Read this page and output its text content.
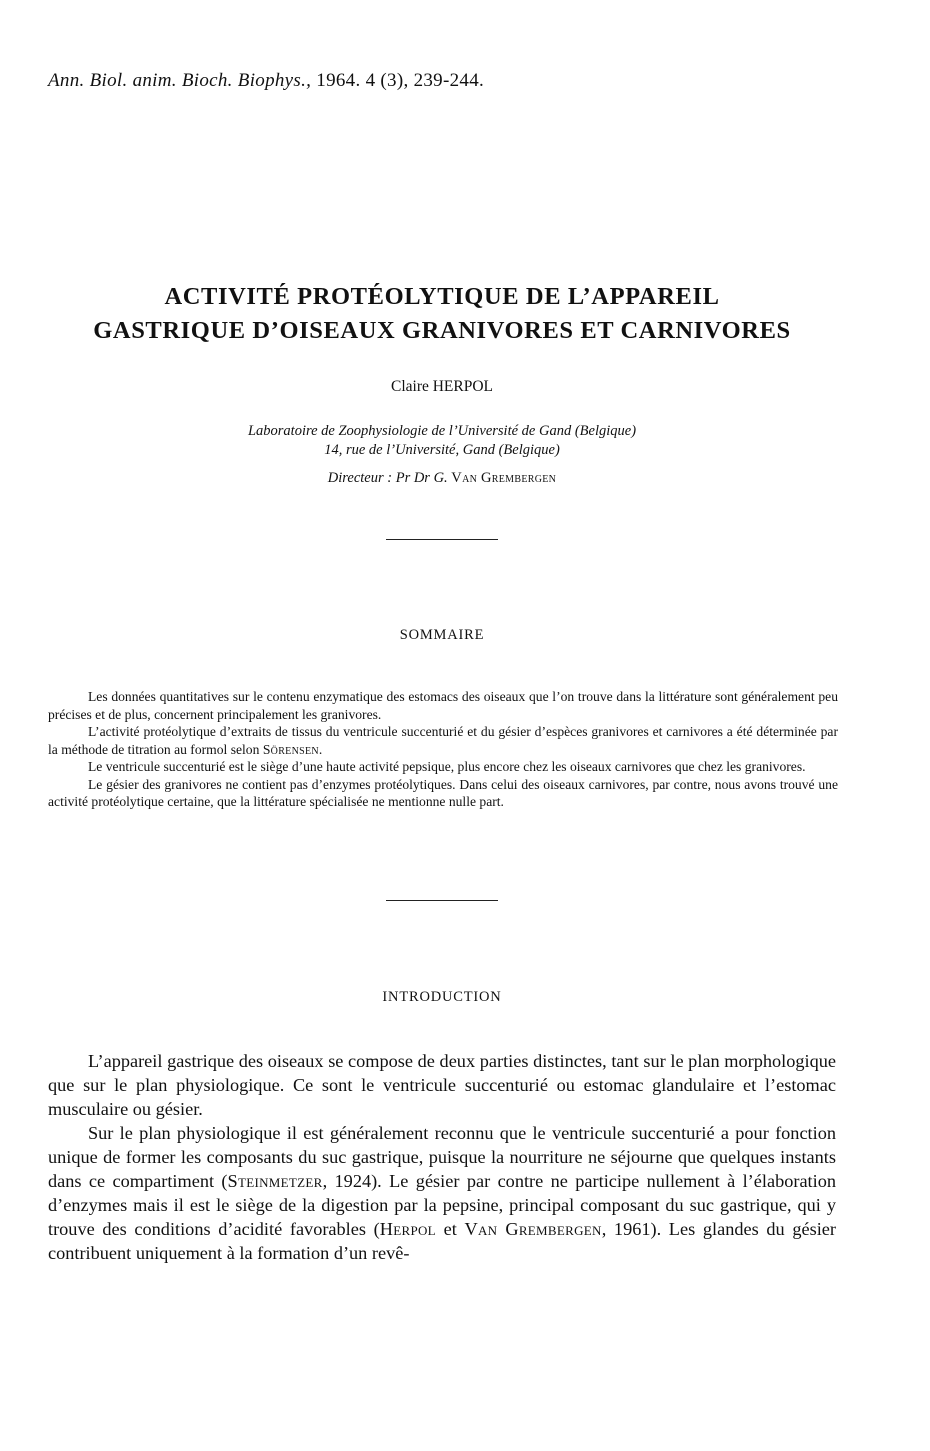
Ann. Biol. anim. Bioch. Biophys., 1964. 4 (3), 239-244.
ACTIVITÉ PROTÉOLYTIQUE DE L’APPAREIL
GASTRIQUE D’OISEAUX GRANIVORES ET CARNIVORES
Claire HERPOL
Laboratoire de Zoophysiologie de l’Université de Gand (Belgique)
14, rue de l’Université, Gand (Belgique)
Directeur : Pr Dr G. Van Grembergen
SOMMAIRE

Les données quantitatives sur le contenu enzymatique des estomacs des oiseaux que l’on trouve dans la littérature sont généralement peu précises et de plus, concernent principalement les granivores.

L’activité protéolytique d’extraits de tissus du ventricule succenturié et du gésier d’espèces granivores et carnivores a été déterminée par la méthode de titration au formol selon Sörensen.

Le ventricule succenturié est le siège d’une haute activité pepsique, plus encore chez les oiseaux carnivores que chez les granivores.

Le gésier des granivores ne contient pas d’enzymes protéolytiques. Dans celui des oiseaux carnivores, par contre, nous avons trouvé une activité protéolytique certaine, que la littérature spécialisée ne mentionne nulle part.

INTRODUCTION

L’appareil gastrique des oiseaux se compose de deux parties distinctes, tant sur le plan morphologique que sur le plan physiologique. Ce sont le ventricule succenturié ou estomac glandulaire et l’estomac musculaire ou gésier.

Sur le plan physiologique il est généralement reconnu que le ventricule succenturié a pour fonction unique de former les composants du suc gastrique, puisque la nourriture ne séjourne que quelques instants dans ce compartiment (Steinmetzer, 1924). Le gésier par contre ne participe nullement à l’élaboration d’enzymes mais il est le siège de la digestion par la pepsine, principal composant du suc gastrique, qui y trouve des conditions d’acidité favorables (Herpol et Van Grembergen, 1961). Les glandes du gésier contribuent uniquement à la formation d’un revê-
